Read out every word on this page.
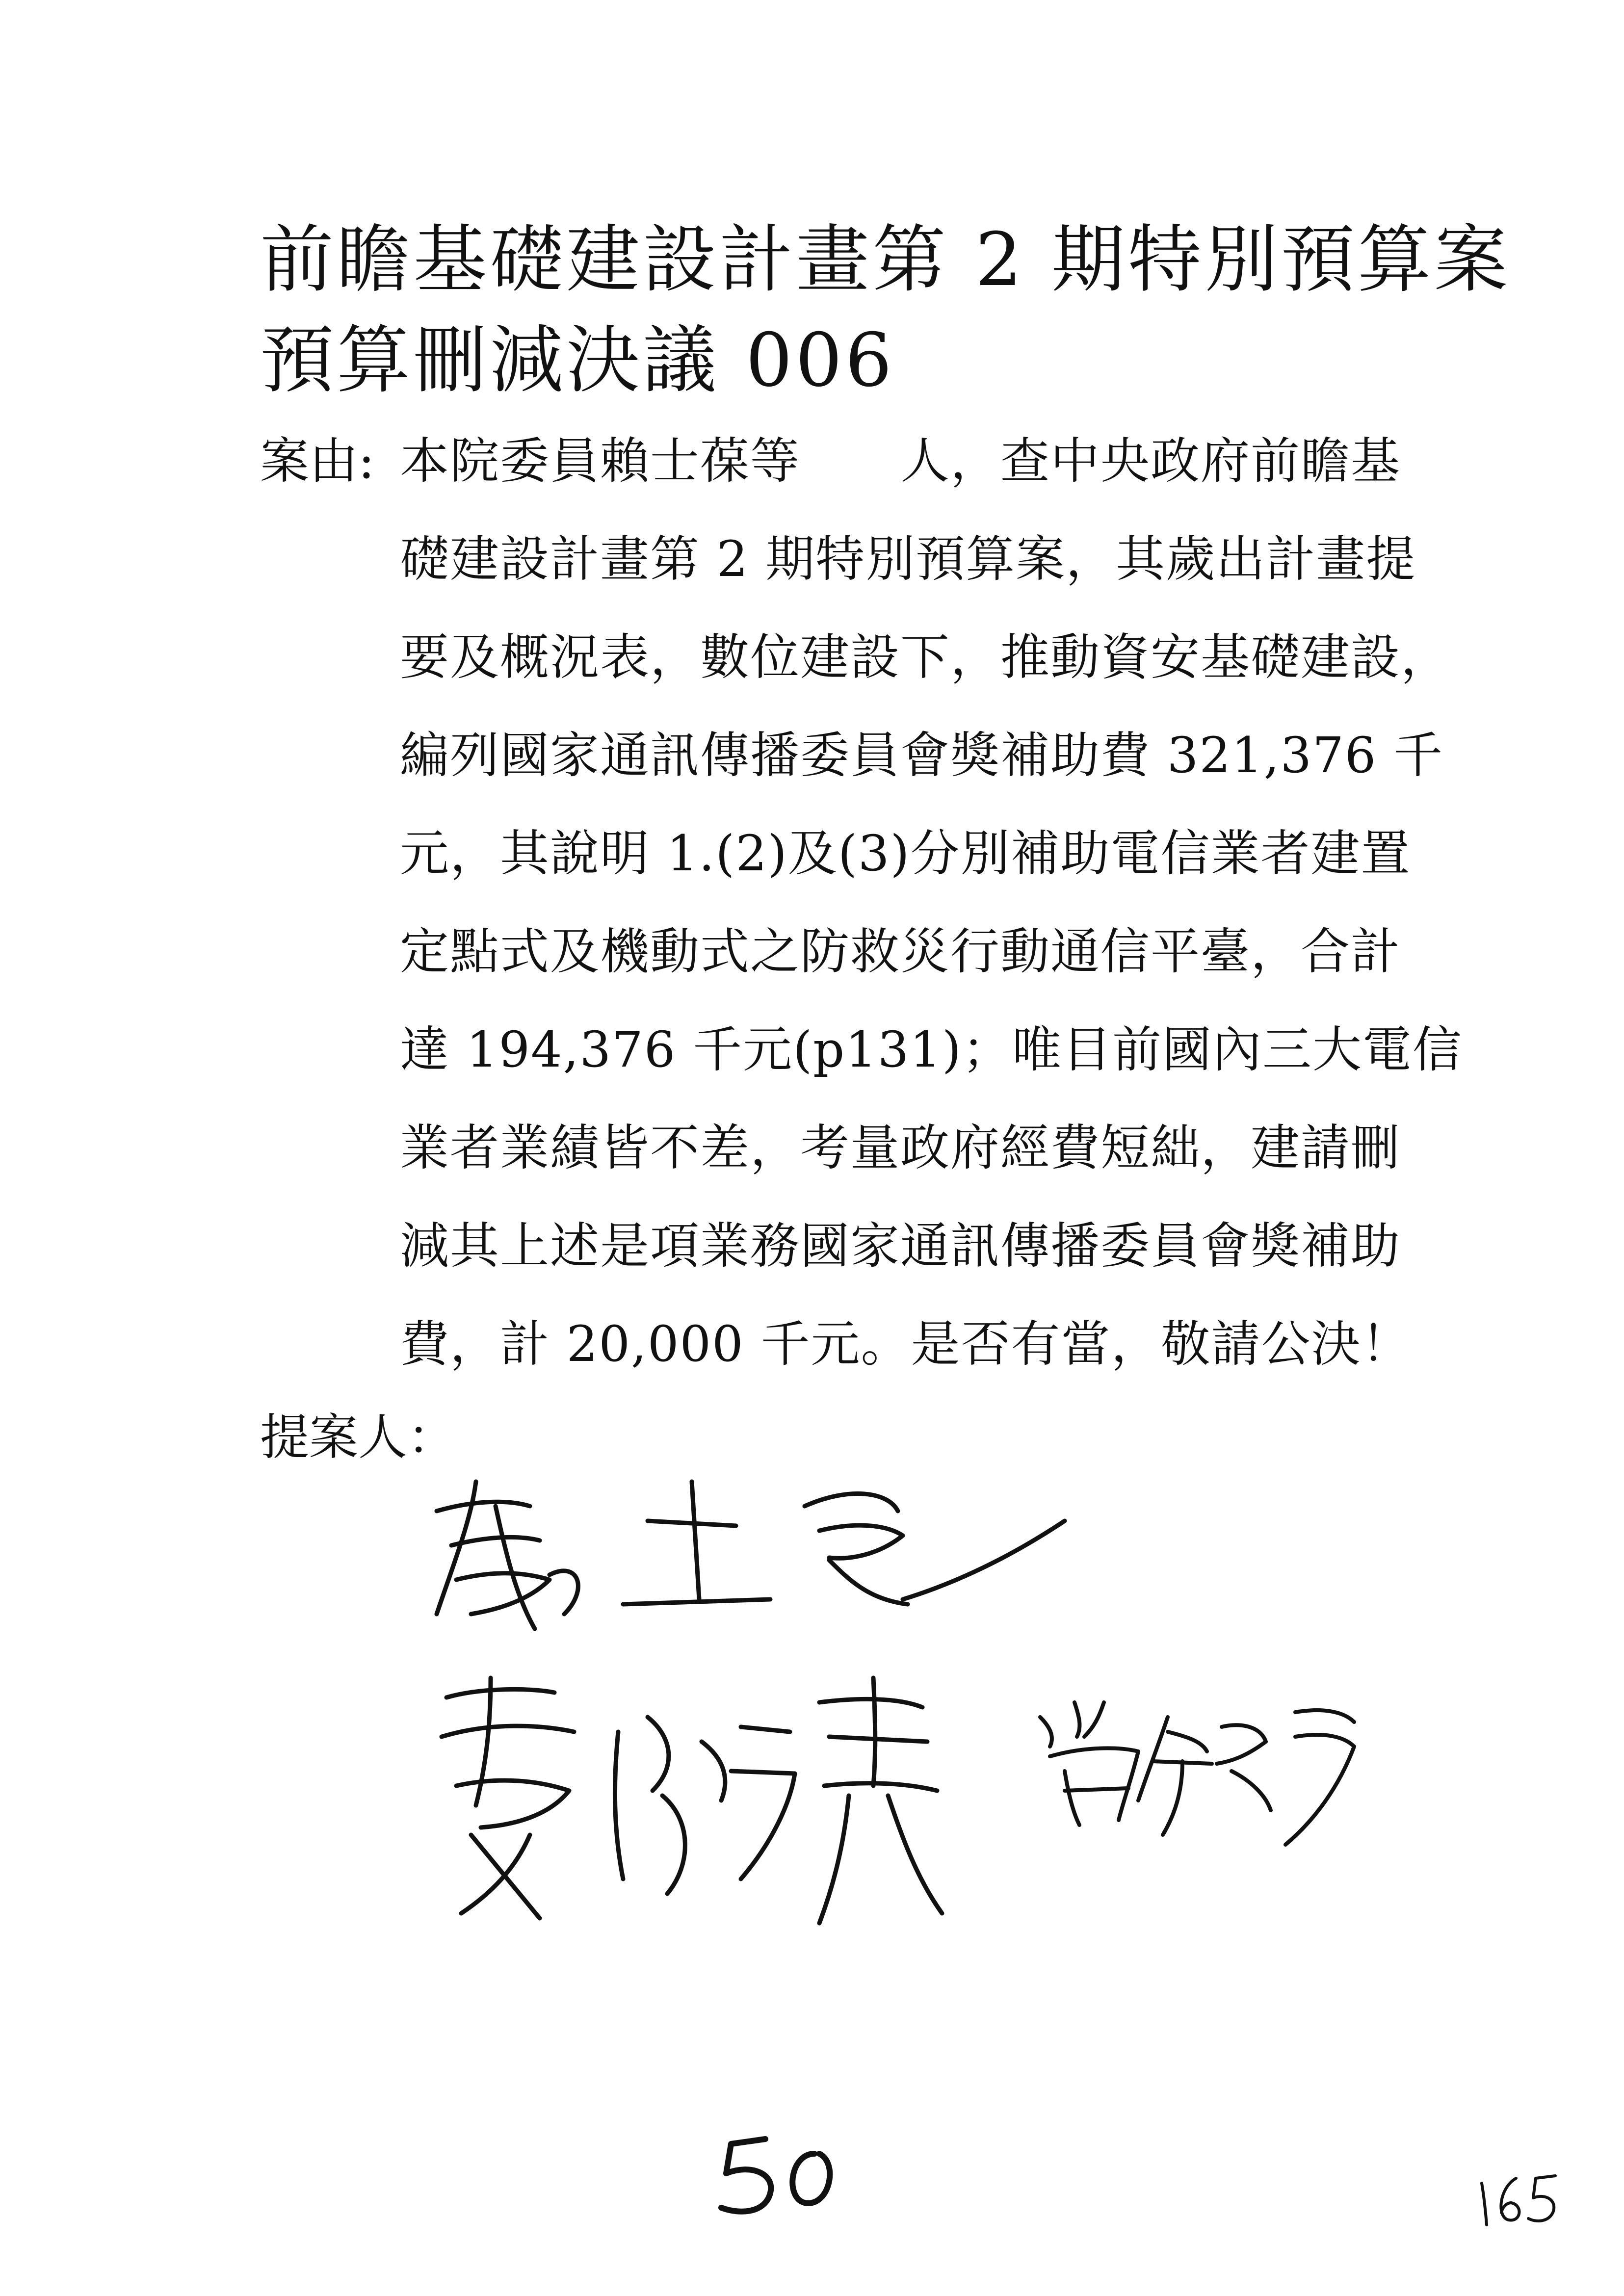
前瞻基礎建設計畫第 2 期特別預算案
預算刪減決議 006
案由: 本院委員賴士葆等　　人，查中央政府前瞻基
礎建設計畫第 2 期特別預算案，其歲出計畫提
要及概況表，數位建設下，推動資安基礎建設，
編列國家通訊傳播委員會獎補助費 321,376 千
元，其說明 1.(2)及(3)分別補助電信業者建置
定點式及機動式之防救災行動通信平臺，合計
達 194,376 千元(p131)；唯目前國內三大電信
業者業績皆不差，考量政府經費短絀，建請刪
減其上述是項業務國家通訊傳播委員會獎補助
費，計 20,000 千元。是否有當，敬請公決！
提案人：
